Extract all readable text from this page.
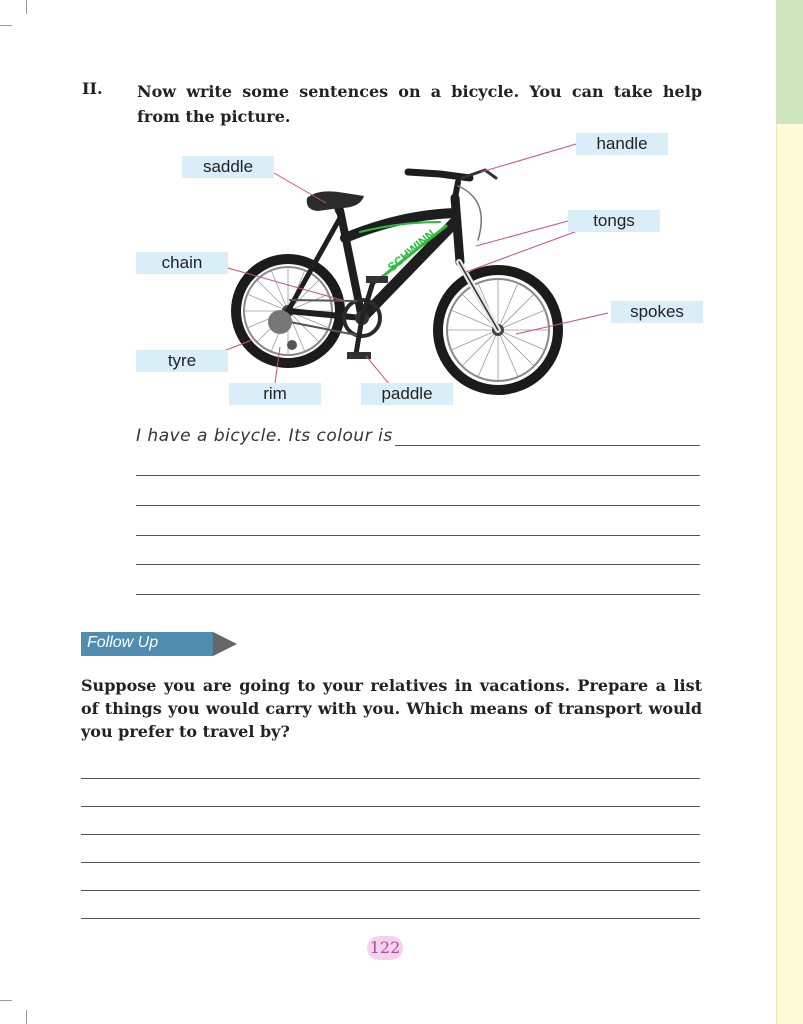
II. Now write some sentences on a bicycle. You can take help from the picture.
SCHWINN
handle
saddle
tongs
chain
spokes
tyre
rim	paddle
I have a bicycle. Its colour is
Follow Up
Suppose you are going to your relatives in vacations. Prepare a list of things you would carry with you. Which means of transport would you prefer to travel by?
122
